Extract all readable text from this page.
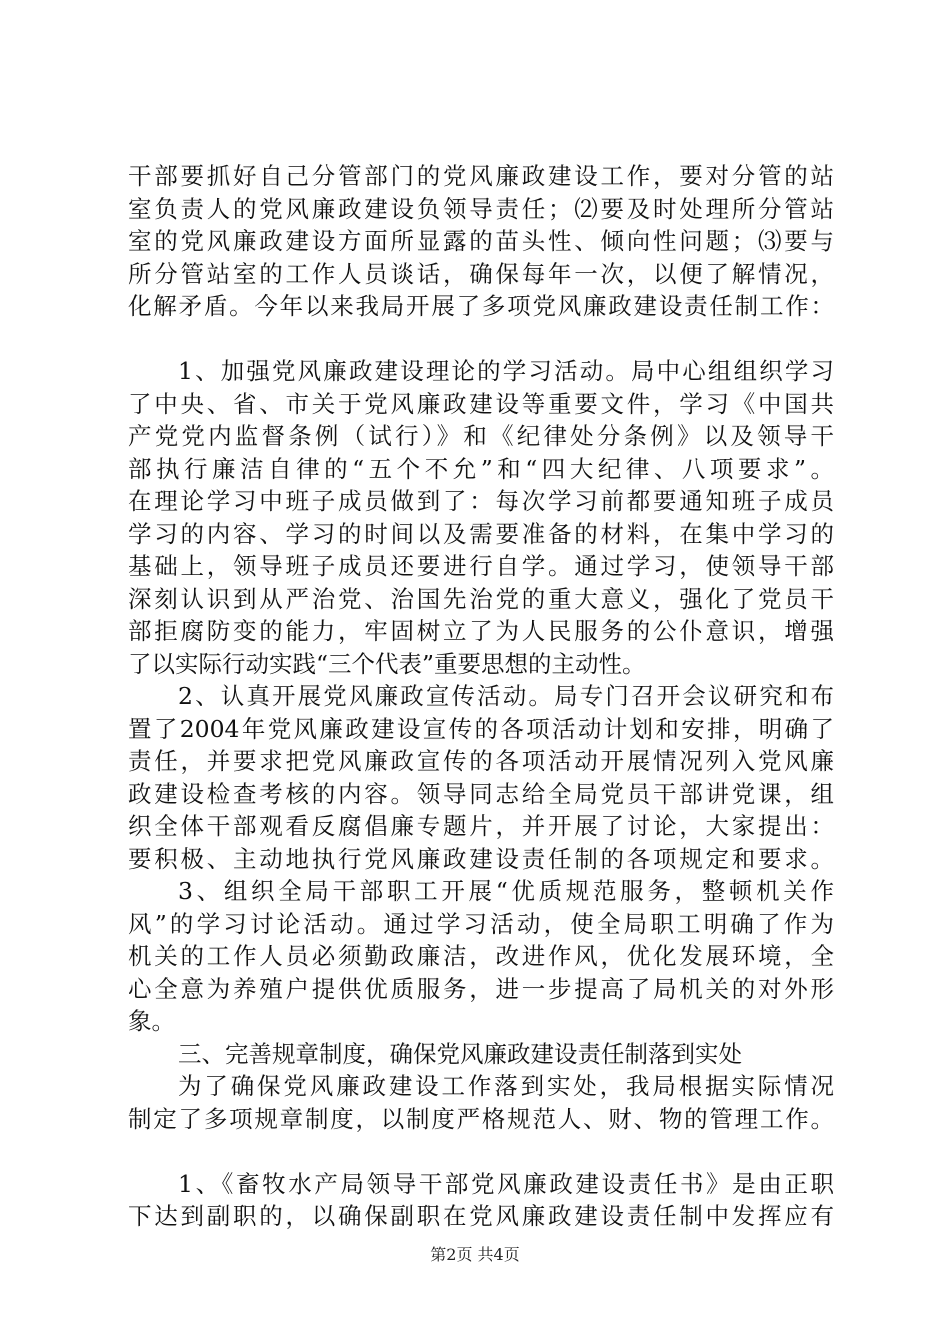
干部要抓好自己分管部门的党风廉政建设工作，要对分管的站
室负责人的党风廉政建设负领导责任；⑵要及时处理所分管站
室的党风廉政建设方面所显露的苗头性、倾向性问题；⑶要与
所分管站室的工作人员谈话，确保每年一次，以便了解情况，
化解矛盾。今年以来我局开展了多项党风廉政建设责任制工作：
1、加强党风廉政建设理论的学习活动。局中心组组织学习
了中央、省、市关于党风廉政建设等重要文件，学习《中国共
产党党内监督条例（试行）》和《纪律处分条例》以及领导干
部执行廉洁自律的“五个不允”和“四大纪律、八项要求”。
在理论学习中班子成员做到了：每次学习前都要通知班子成员
学习的内容、学习的时间以及需要准备的材料，在集中学习的
基础上，领导班子成员还要进行自学。通过学习，使领导干部
深刻认识到从严治党、治国先治党的重大意义，强化了党员干
部拒腐防变的能力，牢固树立了为人民服务的公仆意识，增强
了以实际行动实践“三个代表”重要思想的主动性。
2、认真开展党风廉政宣传活动。局专门召开会议研究和布
置了2004年党风廉政建设宣传的各项活动计划和安排，明确了
责任，并要求把党风廉政宣传的各项活动开展情况列入党风廉
政建设检查考核的内容。领导同志给全局党员干部讲党课，组
织全体干部观看反腐倡廉专题片，并开展了讨论，大家提出：
要积极、主动地执行党风廉政建设责任制的各项规定和要求。
3、组织全局干部职工开展“优质规范服务，整顿机关作
风”的学习讨论活动。通过学习活动，使全局职工明确了作为
机关的工作人员必须勤政廉洁，改进作风，优化发展环境，全
心全意为养殖户提供优质服务，进一步提高了局机关的对外形
象。
三、完善规章制度，确保党风廉政建设责任制落到实处
为了确保党风廉政建设工作落到实处，我局根据实际情况
制定了多项规章制度，以制度严格规范人、财、物的管理工作。
1、《畜牧水产局领导干部党风廉政建设责任书》是由正职
下达到副职的，以确保副职在党风廉政建设责任制中发挥应有
第2页 共4页
